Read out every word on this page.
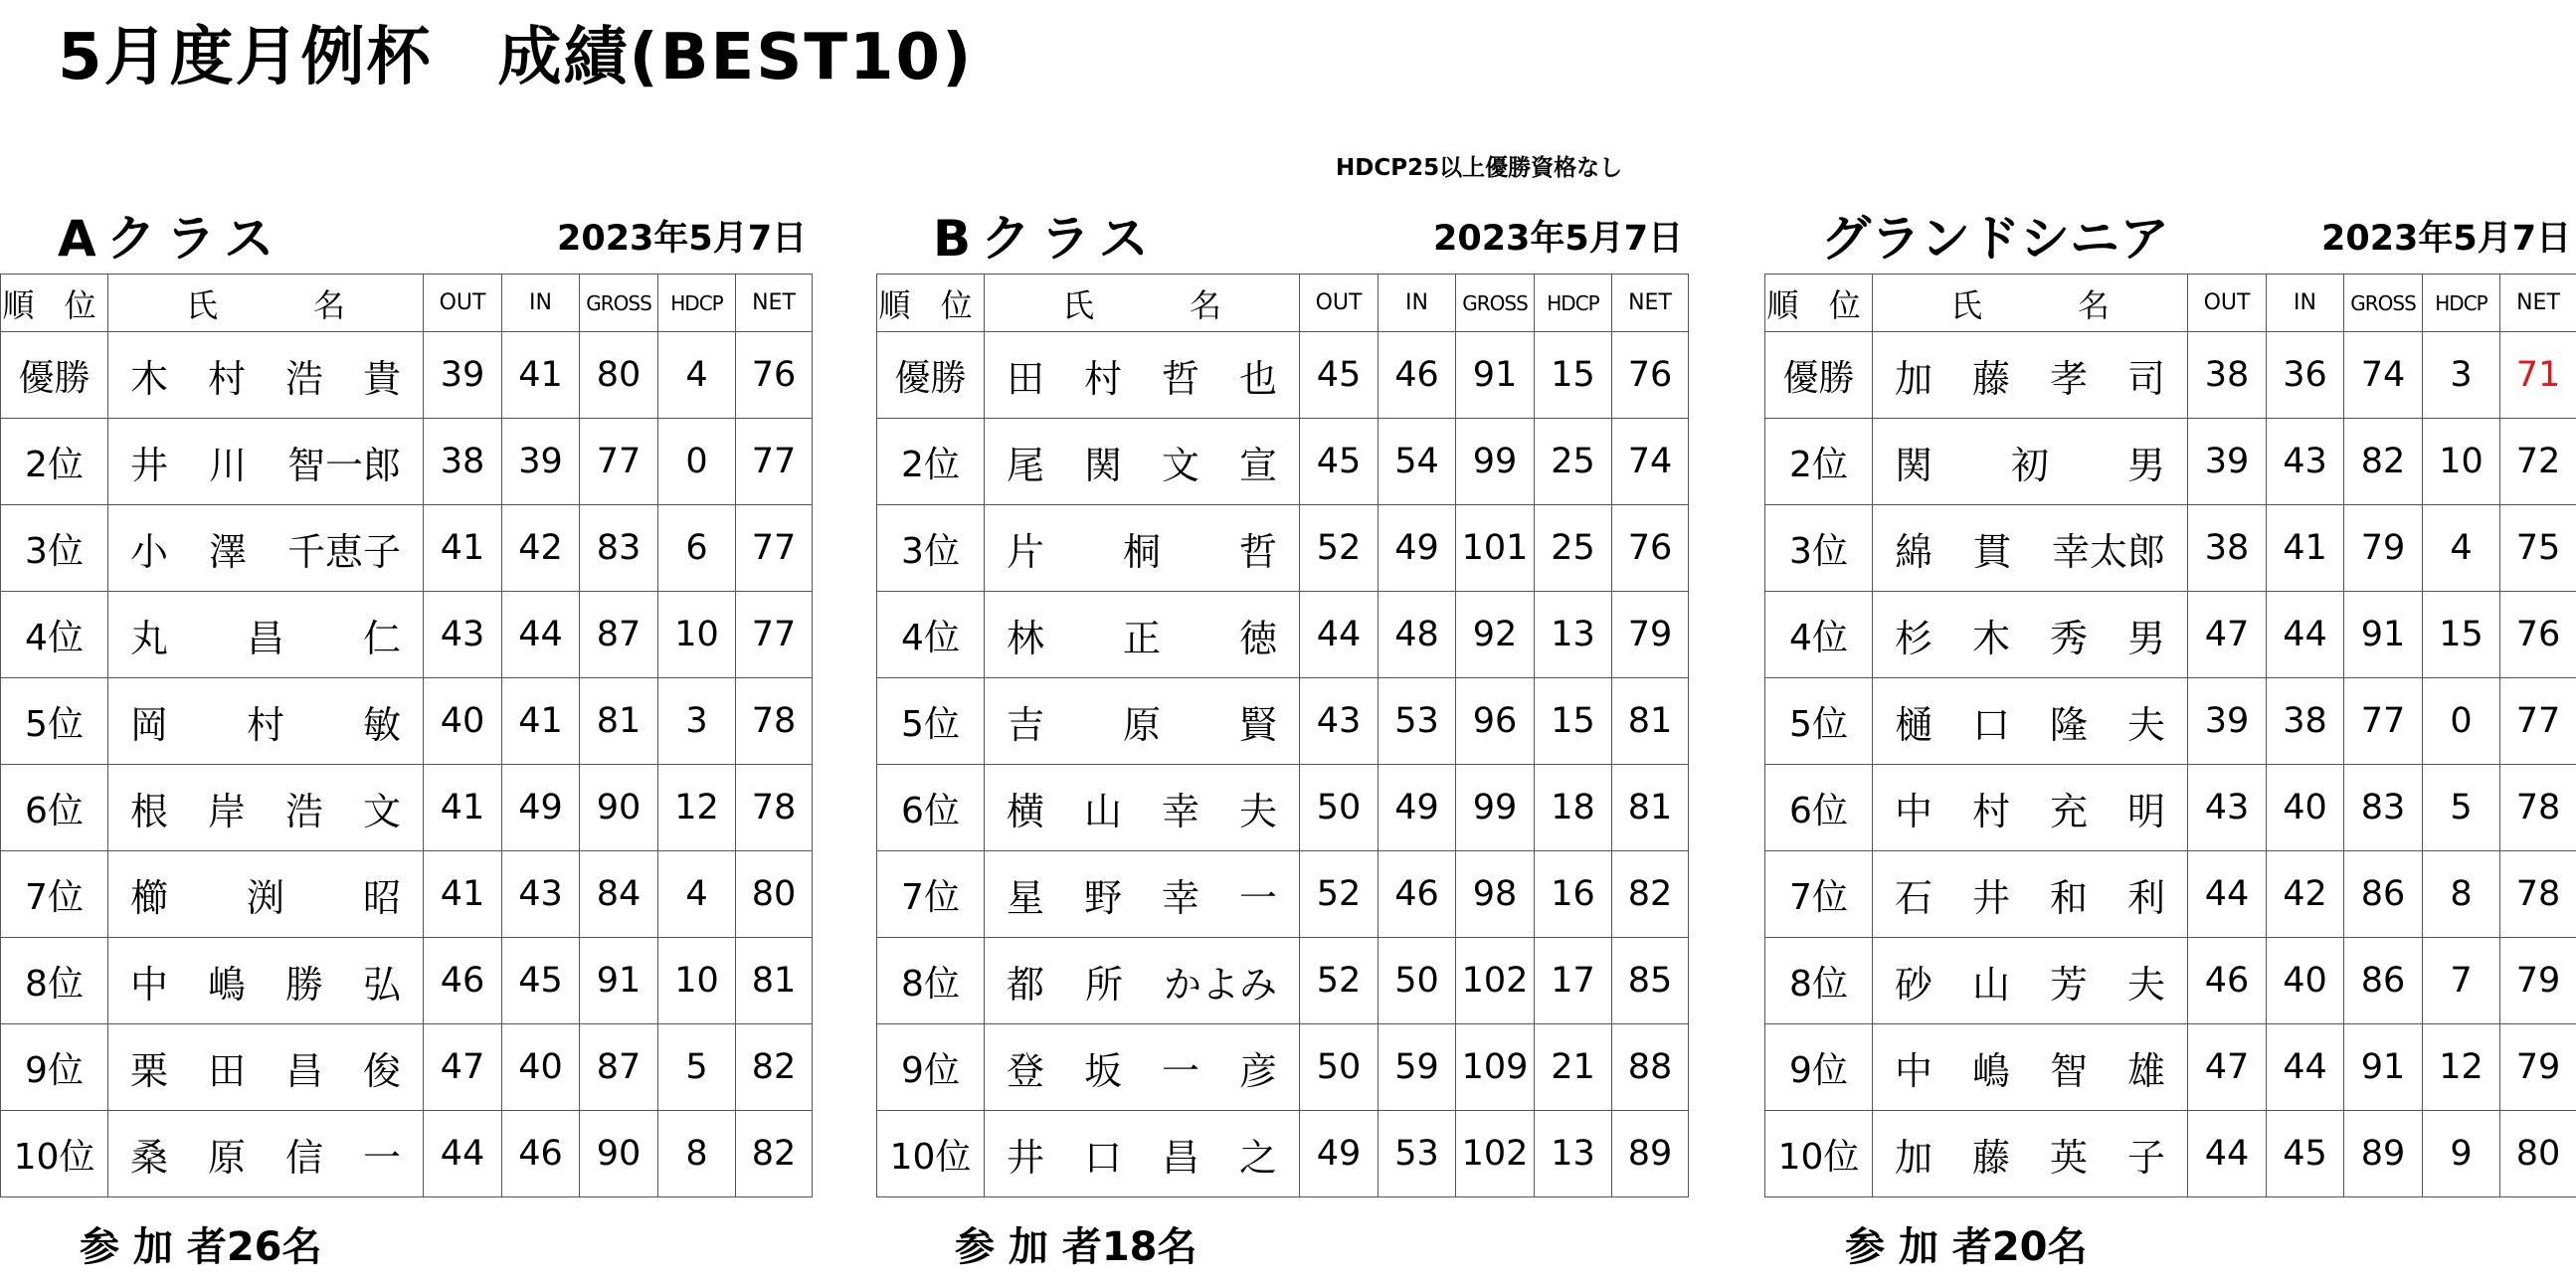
5月度月例杯　成績(BEST10)
HDCP25以上優勝資格なし
Aクラス	2023年5月7日
順 位	氏　　　名	OUT	IN	GROSS	HDCP	NET
優勝	木 村 浩 貴	39	41	80	4	76
2位	井 川 智一郎	38	39	77	0	77
3位	小 澤 千恵子	41	42	83	6	77
4位	丸 昌 仁	43	44	87	10	77
5位	岡 村 敏	40	41	81	3	78
6位	根 岸 浩 文	41	49	90	12	78
7位	櫛 渕 昭	41	43	84	4	80
8位	中 嶋 勝 弘	46	45	91	10	81
9位	栗 田 昌 俊	47	40	87	5	82
10位	桑 原 信 一	44	46	90	8	82
参 加 者26名
Bクラス	2023年5月7日
順 位	氏　　　名	OUT	IN	GROSS	HDCP	NET
優勝	田 村 哲 也	45	46	91	15	76
2位	尾 関 文 宣	45	54	99	25	74
3位	片 桐 哲	52	49	101	25	76
4位	林 正 徳	44	48	92	13	79
5位	吉 原 賢	43	53	96	15	81
6位	横 山 幸 夫	50	49	99	18	81
7位	星 野 幸 一	52	46	98	16	82
8位	都 所 かよみ	52	50	102	17	85
9位	登 坂 一 彦	50	59	109	21	88
10位	井 口 昌 之	49	53	102	13	89
参 加 者18名
グランドシニア	2023年5月7日
順 位	氏　　　名	OUT	IN	GROSS	HDCP	NET
優勝	加 藤 孝 司	38	36	74	3	71
2位	関 初 男	39	43	82	10	72
3位	綿 貫 幸太郎	38	41	79	4	75
4位	杉 木 秀 男	47	44	91	15	76
5位	樋 口 隆 夫	39	38	77	0	77
6位	中 村 充 明	43	40	83	5	78
7位	石 井 和 利	44	42	86	8	78
8位	砂 山 芳 夫	46	40	86	7	79
9位	中 嶋 智 雄	47	44	91	12	79
10位	加 藤 英 子	44	45	89	9	80
参 加 者20名
